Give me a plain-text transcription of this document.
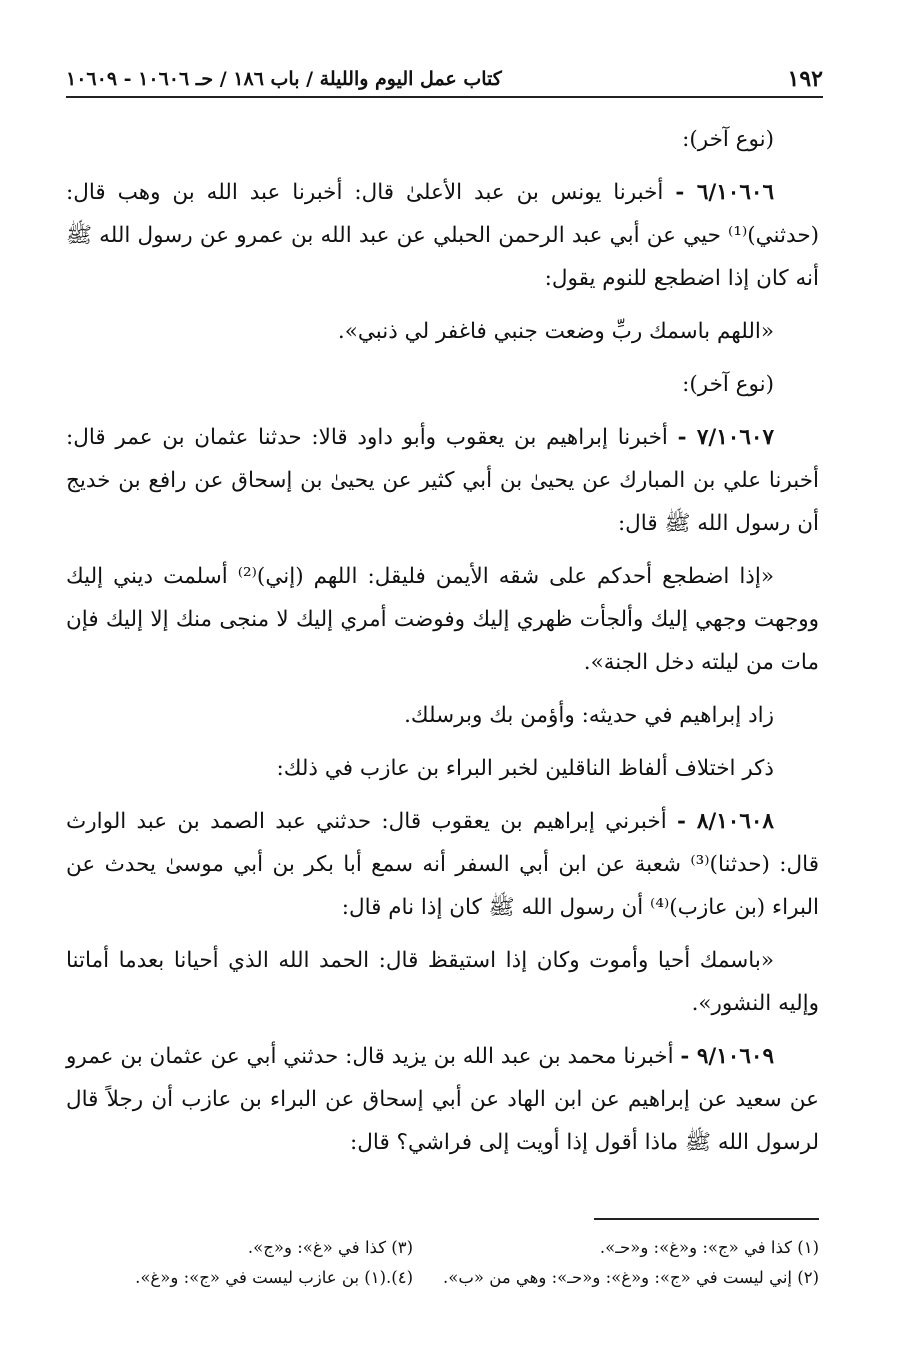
١٩٢
كتاب عمل اليوم والليلة / باب ١٨٦ / حـ ١٠٦٠٦ - ١٠٦٠٩

(نوع آخر):

٦/١٠٦٠٦ - أخبرنا يونس بن عبد الأعلىٰ قال: أخبرنا عبد الله بن وهب قال: (حدثني)⁽¹⁾ حيي عن أبي عبد الرحمن الحبلي عن عبد الله بن عمرو عن رسول الله ﷺ أنه كان إذا اضطجع للنوم يقول:

«اللهم باسمك ربِّ وضعت جنبي فاغفر لي ذنبي».

(نوع آخر):

٧/١٠٦٠٧ - أخبرنا إبراهيم بن يعقوب وأبو داود قالا: حدثنا عثمان بن عمر قال: أخبرنا علي بن المبارك عن يحيىٰ بن أبي كثير عن يحيىٰ بن إسحاق عن رافع بن خديج أن رسول الله ﷺ قال:

«إذا اضطجع أحدكم على شقه الأيمن فليقل: اللهم (إني)⁽²⁾ أسلمت ديني إليك ووجهت وجهي إليك وألجأت ظهري إليك وفوضت أمري إليك لا منجى منك إلا إليك فإن مات من ليلته دخل الجنة».

زاد إبراهيم في حديثه: وأؤمن بك وبرسلك.

ذكر اختلاف ألفاظ الناقلين لخبر البراء بن عازب في ذلك:

٨/١٠٦٠٨ - أخبرني إبراهيم بن يعقوب قال: حدثني عبد الصمد بن عبد الوارث قال: (حدثنا)⁽³⁾ شعبة عن ابن أبي السفر أنه سمع أبا بكر بن أبي موسىٰ يحدث عن البراء (بن عازب)⁽⁴⁾ أن رسول الله ﷺ كان إذا نام قال:

«باسمك أحيا وأموت وكان إذا استيقظ قال: الحمد الله الذي أحيانا بعدما أماتنا وإليه النشور».

٩/١٠٦٠٩ - أخبرنا محمد بن عبد الله بن يزيد قال: حدثني أبي عن عثمان بن عمرو عن سعيد عن إبراهيم عن ابن الهاد عن أبي إسحاق عن البراء بن عازب أن رجلاً قال لرسول الله ﷺ ماذا أقول إذا أويت إلى فراشي؟ قال:

(١) كذا في «ج»: و«غ»: و«حـ».
(٣) كذا في «غ»: و«ج».
(٢) إني ليست في «ج»: و«غ»: و«حـ»: وهي من «ب».
(٤).(١) بن عازب ليست في «ج»: و«غ».
